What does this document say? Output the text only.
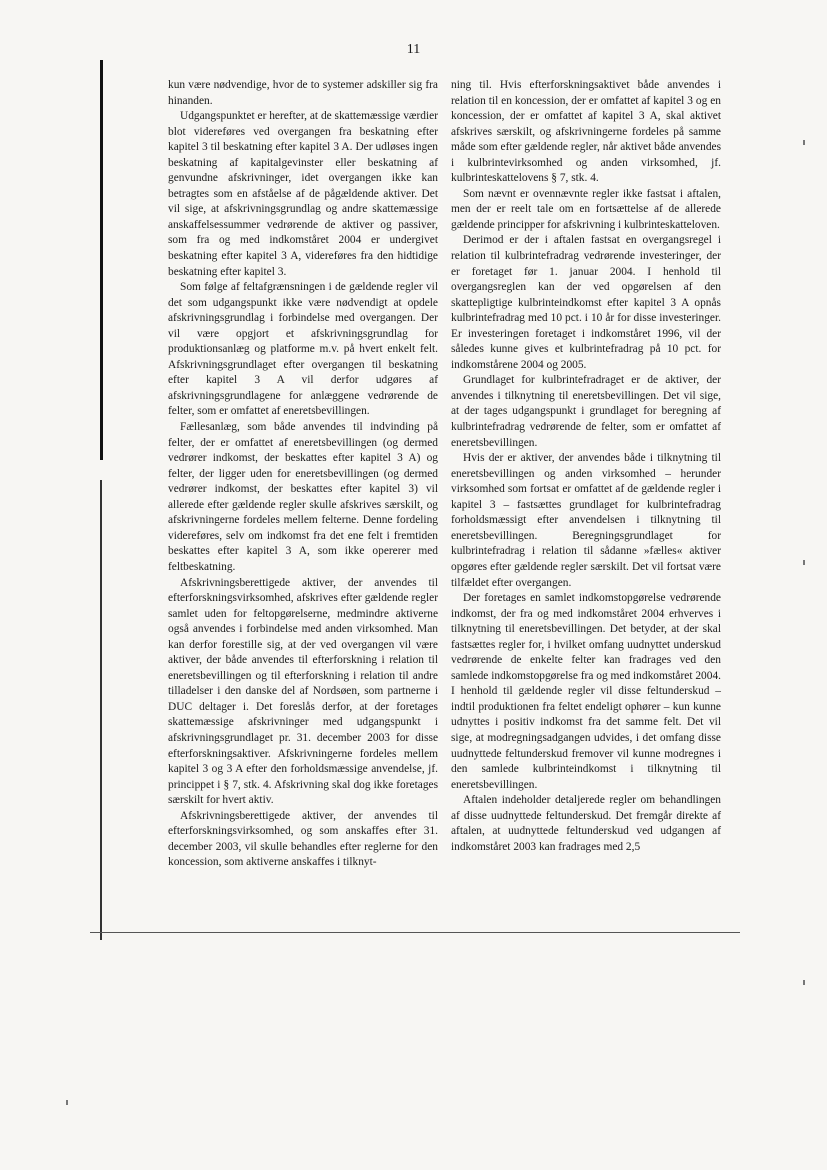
11

kun være nødvendige, hvor de to systemer adskiller sig fra hinanden.

Udgangspunktet er herefter, at de skattemæssige værdier blot videreføres ved overgangen fra beskatning efter kapitel 3 til beskatning efter kapitel 3 A. Der udløses ingen beskatning af kapitalgevinster eller beskatning af genvundne afskrivninger, idet overgangen ikke kan betragtes som en afståelse af de pågældende aktiver. Det vil sige, at afskrivningsgrundlag og andre skattemæssige anskaffelsessummer vedrørende de aktiver og passiver, som fra og med indkomståret 2004 er undergivet beskatning efter kapitel 3 A, videreføres fra den hidtidige beskatning efter kapitel 3.

Som følge af feltafgrænsningen i de gældende regler vil det som udgangspunkt ikke være nødvendigt at opdele afskrivningsgrundlag i forbindelse med overgangen. Der vil være opgjort et afskrivningsgrundlag for produktionsanlæg og platforme m.v. på hvert enkelt felt. Afskrivningsgrundlaget efter overgangen til beskatning efter kapitel 3 A vil derfor udgøres af afskrivningsgrundlagene for anlæggene vedrørende de felter, som er omfattet af eneretsbevillingen.

Fællesanlæg, som både anvendes til indvinding på felter, der er omfattet af eneretsbevillingen (og dermed vedrører indkomst, der beskattes efter kapitel 3 A) og felter, der ligger uden for eneretsbevillingen (og dermed vedrører indkomst, der beskattes efter kapitel 3) vil allerede efter gældende regler skulle afskrives særskilt, og afskrivningerne fordeles mellem felterne. Denne fordeling videreføres, selv om indkomst fra det ene felt i fremtiden beskattes efter kapitel 3 A, som ikke opererer med feltbeskatning.

Afskrivningsberettigede aktiver, der anvendes til efterforskningsvirksomhed, afskrives efter gældende regler samlet uden for feltopgørelserne, medmindre aktiverne også anvendes i forbindelse med anden virksomhed. Man kan derfor forestille sig, at der ved overgangen vil være aktiver, der både anvendes til efterforskning i relation til eneretsbevillingen og til efterforskning i relation til andre tilladelser i den danske del af Nordsøen, som partnerne i DUC deltager i. Det foreslås derfor, at der foretages skattemæssige afskrivninger med udgangspunkt i afskrivningsgrundlaget pr. 31. december 2003 for disse efterforskningsaktiver. Afskrivningerne fordeles mellem kapitel 3 og 3 A efter den forholdsmæssige anvendelse, jf. princippet i § 7, stk. 4. Afskrivning skal dog ikke foretages særskilt for hvert aktiv.

Afskrivningsberettigede aktiver, der anvendes til efterforskningsvirksomhed, og som anskaffes efter 31. december 2003, vil skulle behandles efter reglerne for den koncession, som aktiverne anskaffes i tilknyt-

ning til. Hvis efterforskningsaktivet både anvendes i relation til en koncession, der er omfattet af kapitel 3 og en koncession, der er omfattet af kapitel 3 A, skal aktivet afskrives særskilt, og afskrivningerne fordeles på samme måde som efter gældende regler, når aktivet både anvendes i kulbrintevirksomhed og anden virksomhed, jf. kulbrinteskattelovens § 7, stk. 4.

Som nævnt er ovennævnte regler ikke fastsat i aftalen, men der er reelt tale om en fortsættelse af de allerede gældende principper for afskrivning i kulbrinteskatteloven.

Derimod er der i aftalen fastsat en overgangsregel i relation til kulbrintefradrag vedrørende investeringer, der er foretaget før 1. januar 2004. I henhold til overgangsreglen kan der ved opgørelsen af den skattepligtige kulbrinteindkomst efter kapitel 3 A opnås kulbrintefradrag med 10 pct. i 10 år for disse investeringer. Er investeringen foretaget i indkomståret 1996, vil der således kunne gives et kulbrintefradrag på 10 pct. for indkomstårene 2004 og 2005.

Grundlaget for kulbrintefradraget er de aktiver, der anvendes i tilknytning til eneretsbevillingen. Det vil sige, at der tages udgangspunkt i grundlaget for beregning af kulbrintefradrag vedrørende de felter, som er omfattet af eneretsbevillingen.

Hvis der er aktiver, der anvendes både i tilknytning til eneretsbevillingen og anden virksomhed – herunder virksomhed som fortsat er omfattet af de gældende regler i kapitel 3 – fastsættes grundlaget for kulbrintefradrag forholdsmæssigt efter anvendelsen i tilknytning til eneretsbevillingen. Beregningsgrundlaget for kulbrintefradrag i relation til sådanne »fælles« aktiver opgøres efter gældende regler særskilt. Det vil fortsat være tilfældet efter overgangen.

Der foretages en samlet indkomstopgørelse vedrørende indkomst, der fra og med indkomståret 2004 erhverves i tilknytning til eneretsbevillingen. Det betyder, at der skal fastsættes regler for, i hvilket omfang uudnyttet underskud vedrørende de enkelte felter kan fradrages ved den samlede indkomstopgørelse fra og med indkomståret 2004. I henhold til gældende regler vil disse feltunderskud – indtil produktionen fra feltet endeligt ophører – kun kunne udnyttes i positiv indkomst fra det samme felt. Det vil sige, at modregningsadgangen udvides, i det omfang disse uudnyttede feltunderskud fremover vil kunne modregnes i den samlede kulbrinteindkomst i tilknytning til eneretsbevillingen.

Aftalen indeholder detaljerede regler om behandlingen af disse uudnyttede feltunderskud. Det fremgår direkte af aftalen, at uudnyttede feltunderskud ved udgangen af indkomståret 2003 kan fradrages med 2,5
